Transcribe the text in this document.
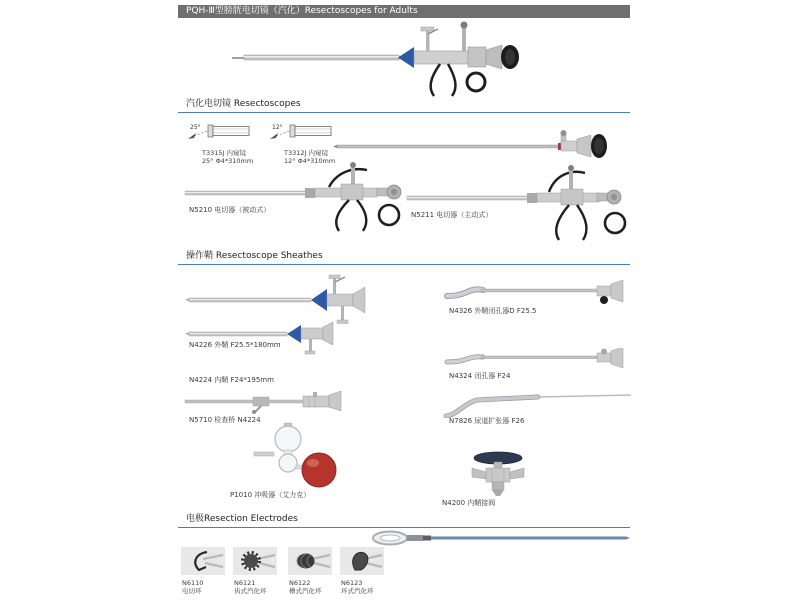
PQH-Ⅲ型膀胱电切镜（汽化）Resectoscopes for Adults
汽化电切镜 Resectoscopes
25°
T3315J 内窥镜
25° Φ4*310mm
12°
T3312J 内窥镜
12° Φ4*310mm
N5210 电切器（被动式）
N5211 电切器（主动式）
操作鞘 Resectoscope Sheathes
N4226 外鞘 F25.5*180mm
N4224 内鞘 F24*195mm
N5710 检查桥 N4224
N4326 外鞘闭孔器D F25.5
N4324 闭孔器 F24
N7826 尿道扩张器 F26
P1010 冲吸器（艾力克）
N4200 内鞘接阀
电极Resection Electrodes
N6110
电切环
N6121
齿式汽化环
N6122
槽式汽化环
N6123
环式汽化环
